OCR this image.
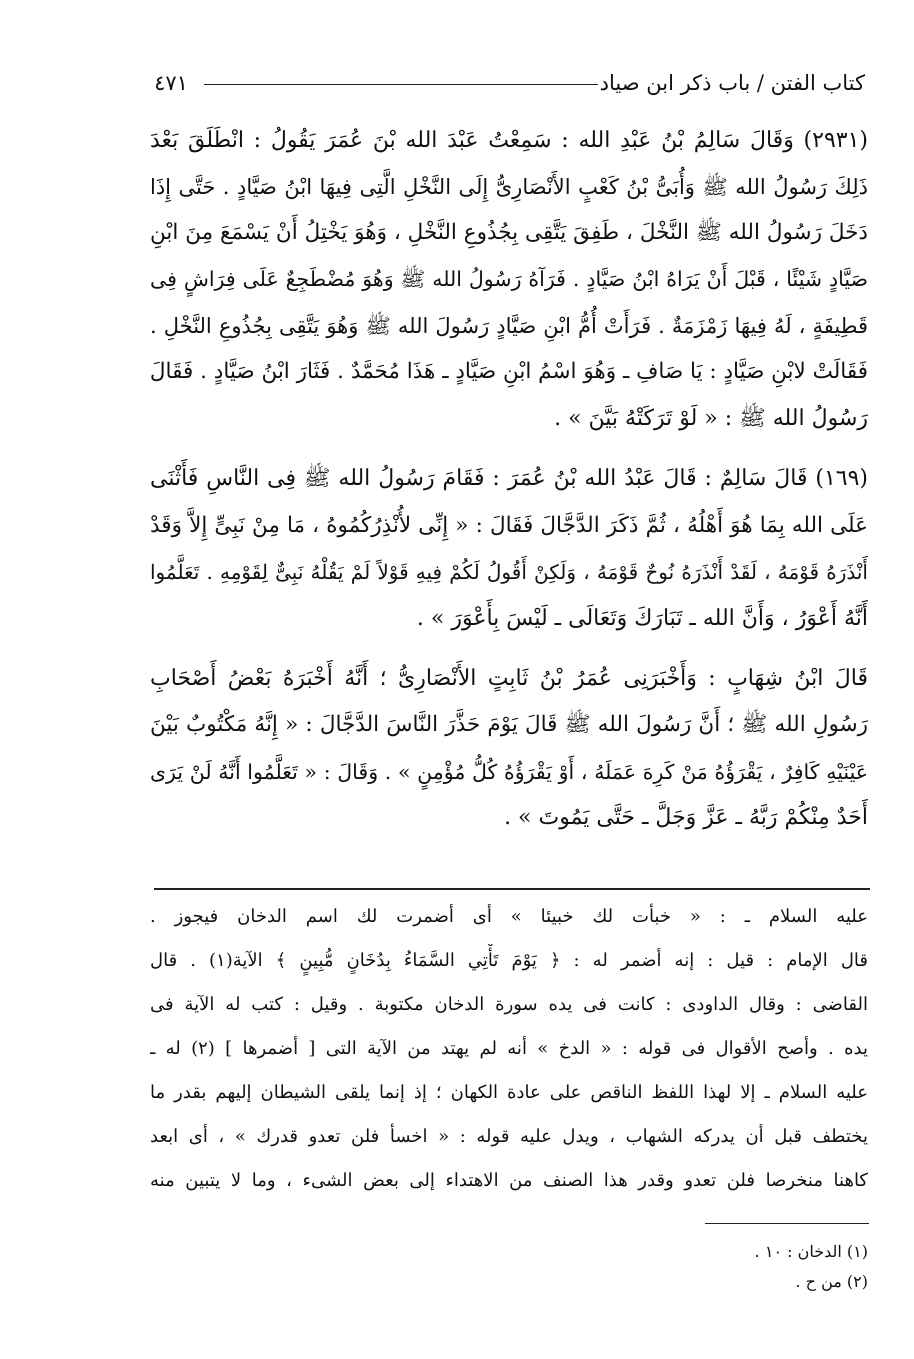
كتاب الفتن / باب ذكر ابن صياد
٤٧١
(٢٩٣١) وَقَالَ سَالِمُ بْنُ عَبْدِ الله : سَمِعْتُ عَبْدَ الله بْنَ عُمَرَ يَقُولُ : انْطَلَقَ بَعْدَ
ذَلِكَ رَسُولُ الله ﷺ وَأُبَىُّ بْنُ كَعْبٍ الأَنْصَارِىُّ إِلَى النَّخْلِ الَّتِى فِيهَا ابْنُ صَيَّادٍ . حَتَّى إِذَا
دَخَلَ رَسُولُ الله ﷺ النَّخْلَ ، طَفِقَ يَتَّقِى بِجُذُوعِ النَّخْلِ ، وَهُوَ يَخْتِلُ أَنْ يَسْمَعَ مِنَ ابْنِ
صَيَّادٍ شَيْئًا ، قَبْلَ أَنْ يَرَاهُ ابْنُ صَيَّادٍ . فَرَآهُ رَسُولُ الله ﷺ وَهُوَ مُضْطَجِعٌ عَلَى فِرَاشٍ فِى
قَطِيفَةٍ ، لَهُ فِيهَا زَمْزَمَةٌ . فَرَأَتْ أُمُّ ابْنِ صَيَّادٍ رَسُولَ الله ﷺ وَهُوَ يَتَّقِى بِجُذُوعِ النَّخْلِ .
فَقَالَتْ لابْنِ صَيَّادٍ : يَا صَافِ ـ وَهُوَ اسْمُ ابْنِ صَيَّادٍ ـ هَذَا مُحَمَّدٌ . فَثَارَ ابْنُ صَيَّادٍ . فَقَالَ
رَسُولُ الله ﷺ : « لَوْ تَرَكَتْهُ بَيَّنَ » .
(١٦٩) قَالَ سَالِمٌ : قَالَ عَبْدُ الله بْنُ عُمَرَ : فَقَامَ رَسُولُ الله ﷺ فِى النَّاسِ فَأَثْنَى
عَلَى الله بِمَا هُوَ أَهْلُهُ ، ثُمَّ ذَكَرَ الدَّجَّالَ فَقَالَ : « إِنِّى لأُنْذِرُكُمُوهُ ، مَا مِنْ نَبِىٍّ إِلاَّ وَقَدْ
أَنْذَرَهُ قَوْمَهُ ، لَقَدْ أَنْذَرَهُ نُوحٌ قَوْمَهُ ، وَلَكِنْ أَقُولُ لَكُمْ فِيهِ قَوْلاً لَمْ يَقُلْهُ نَبِىٌّ لِقَوْمِهِ . تَعَلَّمُوا
أَنَّهُ أَعْوَرُ ، وَأَنَّ الله ـ تَبَارَكَ وَتَعَالَى ـ لَيْسَ بِأَعْوَرَ » .
قَالَ ابْنُ شِهَابٍ : وَأَخْبَرَنِى عُمَرُ بْنُ ثَابِتٍ الأَنْصَارِىُّ ؛ أَنَّهُ أَخْبَرَهُ بَعْضُ أَصْحَابِ
رَسُولِ الله ﷺ ؛ أَنَّ رَسُولَ الله ﷺ قَالَ يَوْمَ حَذَّرَ النَّاسَ الدَّجَّالَ : « إِنَّهُ مَكْتُوبٌ بَيْنَ
عَيْنَيْهِ كَافِرٌ ، يَقْرَؤُهُ مَنْ كَرِهَ عَمَلَهُ ، أَوْ يَقْرَؤُهُ كُلُّ مُؤْمِنٍ » . وَقَالَ : « تَعَلَّمُوا أَنَّهُ لَنْ يَرَى
أَحَدٌ مِنْكُمْ رَبَّهُ ـ عَزَّ وَجَلَّ ـ حَتَّى يَمُوتَ » .
عليه السلام ـ : « خبأت لك خبيئا » أى أضمرت لك اسم الدخان فيجوز .
قال الإمام : قيل : إنه أضمر له : ﴿ يَوْمَ تَأْتِي السَّمَاءُ بِدُخَانٍ مُّبِينٍ ﴾ الآية(١) . قال
القاضى : وقال الداودى : كانت فى يده سورة الدخان مكتوبة . وقيل : كتب له الآية فى
يده . وأصح الأقوال فى قوله : « الدخ » أنه لم يهتد من الآية التى [ أضمرها ] (٢) له ـ
عليه السلام ـ إلا لهذا اللفظ الناقص على عادة الكهان ؛ إذ إنما يلقى الشيطان إليهم بقدر ما
يختطف قبل أن يدركه الشهاب ، ويدل عليه قوله : « اخسأ فلن تعدو قدرك » ، أى ابعد
كاهنا منخرصا فلن تعدو وقدر هذا الصنف من الاهتداء إلى بعض الشىء ، وما لا يتبين منه
(١) الدخان : ١٠ .
(٢) من ح .
